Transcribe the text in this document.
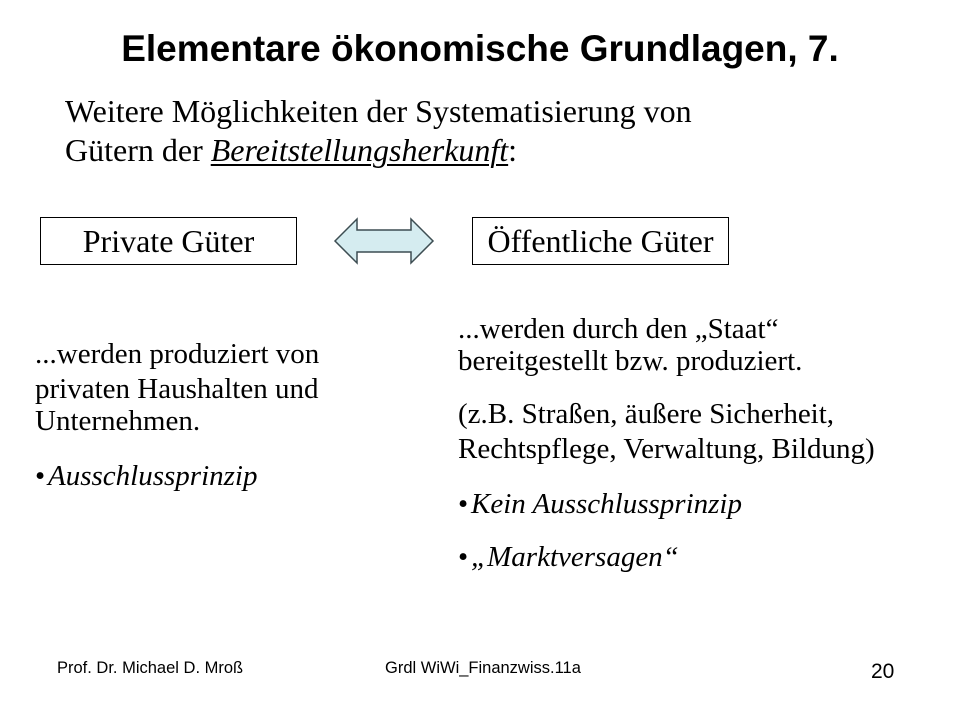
Elementare ökonomische Grundlagen, 7.
Weitere Möglichkeiten der Systematisierung von
Gütern der Bereitstellungsherkunft:
Private Güter	Öffentliche Güter
...werden produziert von
privaten Haushalten und
Unternehmen.
•Ausschlussprinzip
...werden durch den „Staat“
bereitgestellt bzw. produziert.
(z.B. Straßen, äußere Sicherheit,
Rechtspflege, Verwaltung, Bildung)
•Kein Ausschlussprinzip
•„Marktversagen“
Prof. Dr. Michael D. Mroß	Grdl WiWi_Finanzwiss.11a	20
